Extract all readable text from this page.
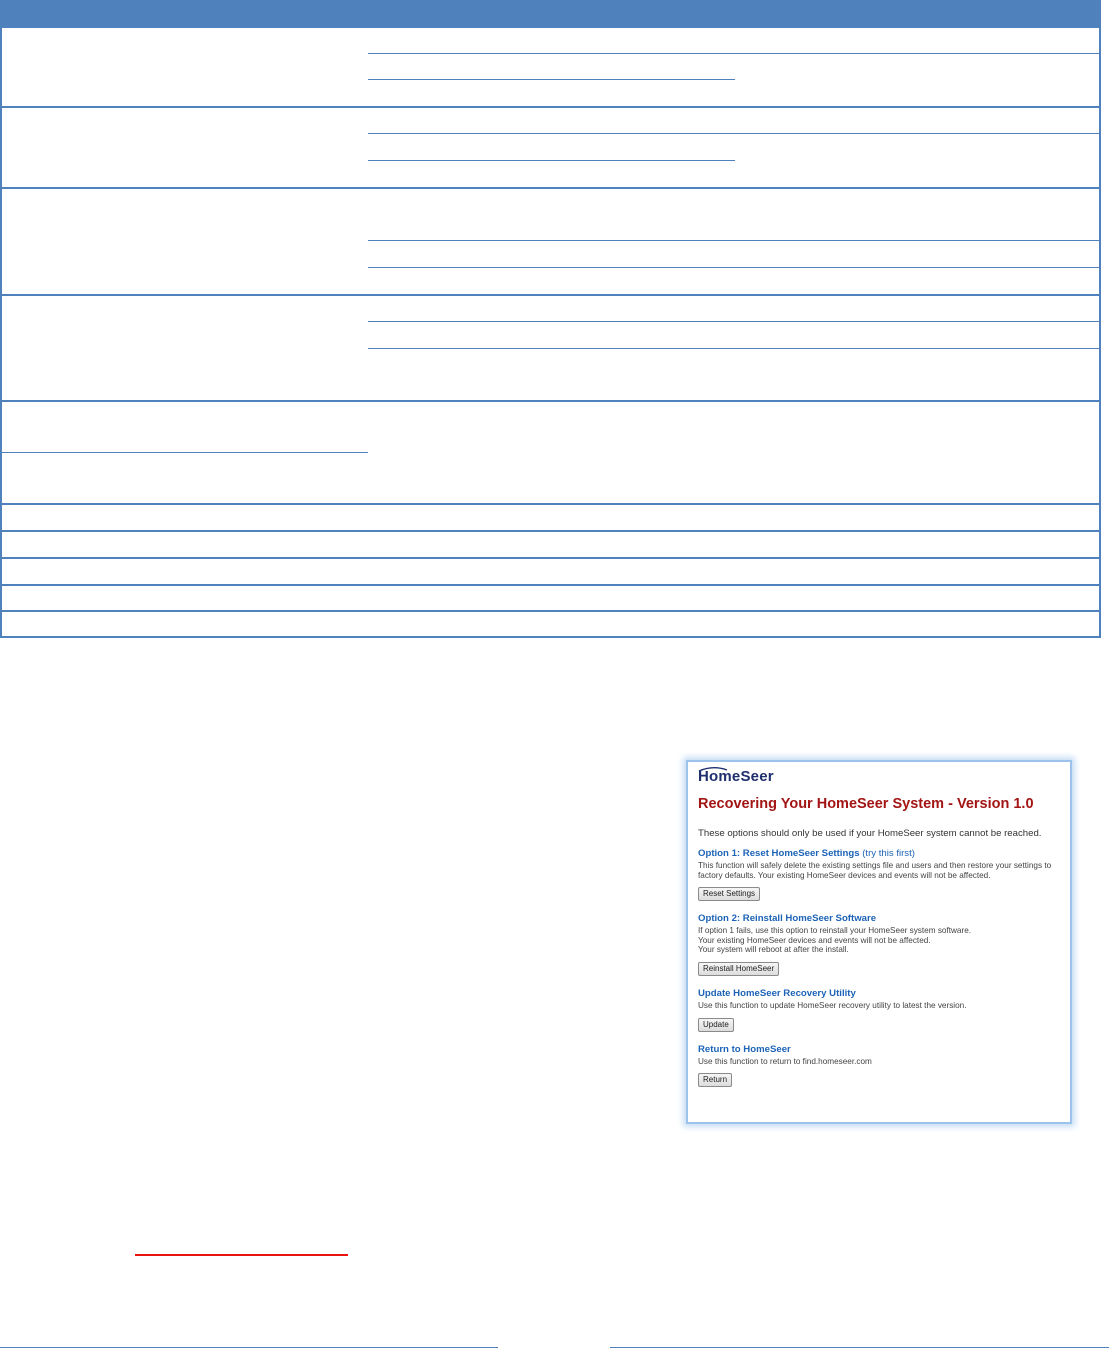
HomeSeer
Recovering Your HomeSeer System - Version 1.0
These options should only be used if your HomeSeer system cannot be reached.
Option 1: Reset HomeSeer Settings (try this first)
This function will safely delete the existing settings file and users and then restore your settings to factory defaults. Your existing HomeSeer devices and events will not be affected.
Reset Settings
Option 2: Reinstall HomeSeer Software
If option 1 fails, use this option to reinstall your HomeSeer system software.
Your existing HomeSeer devices and events will not be affected.
Your system will reboot at after the install.
Reinstall HomeSeer
Update HomeSeer Recovery Utility
Use this function to update HomeSeer recovery utility to latest the version.
Update
Return to HomeSeer
Use this function to return to find.homeseer.com
Return
